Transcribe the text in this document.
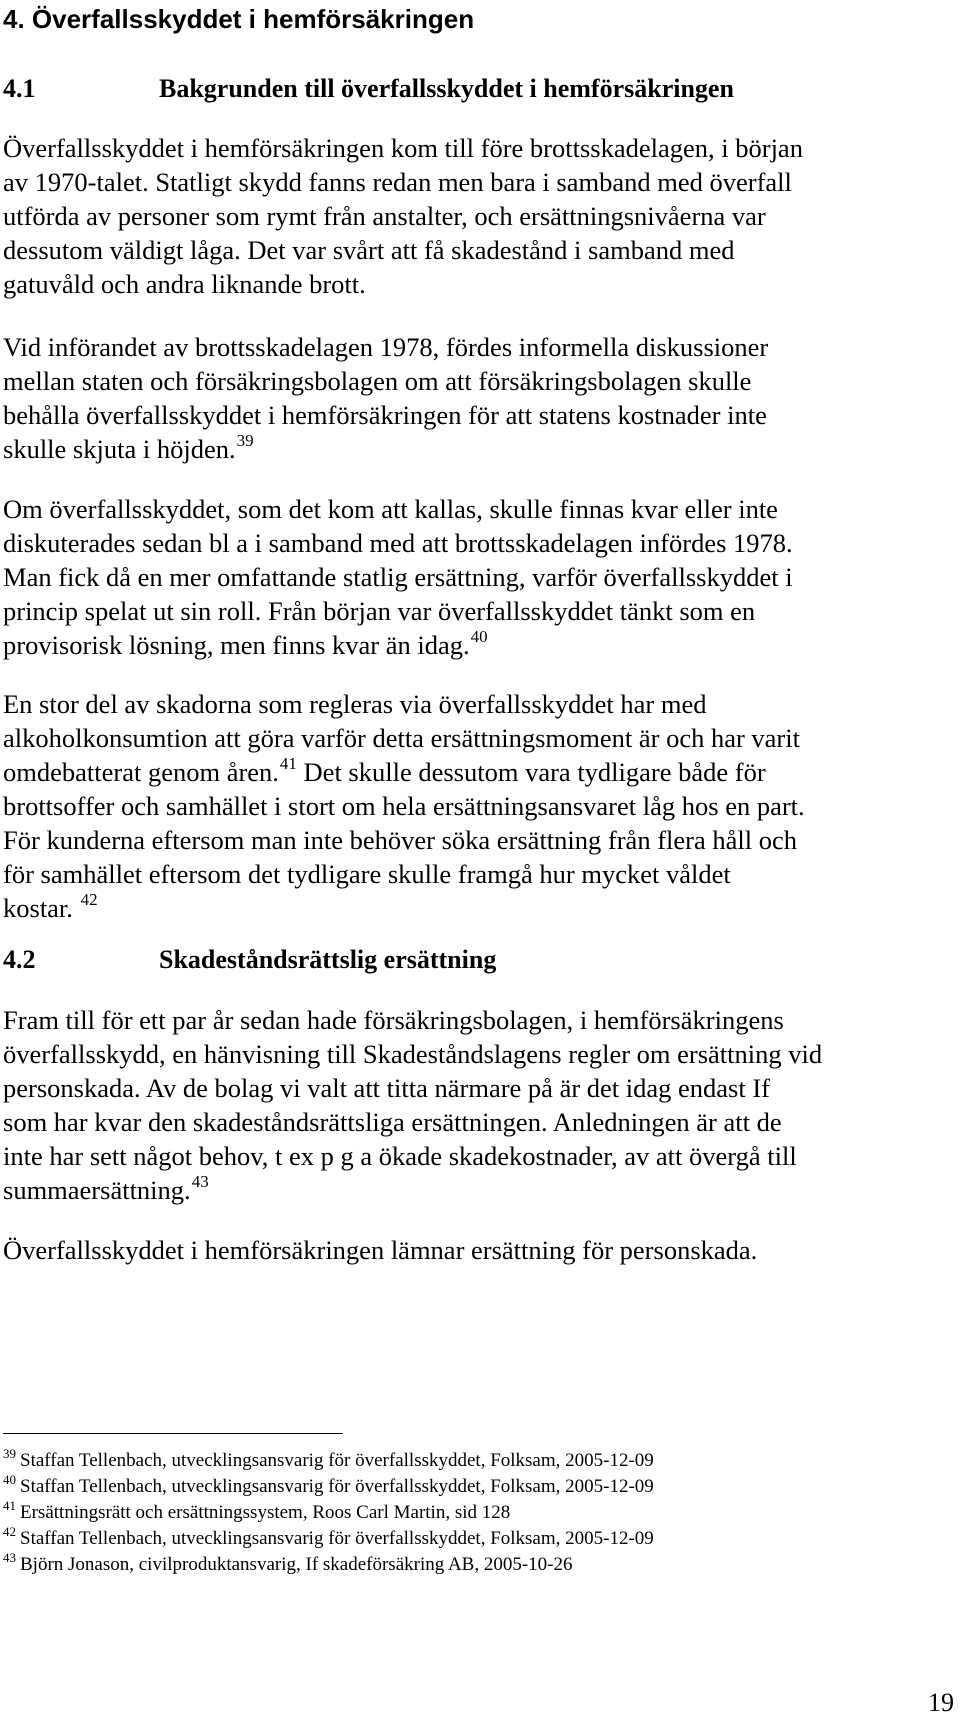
4. Överfallsskyddet i hemförsäkringen
4.1	Bakgrunden till överfallsskyddet i hemförsäkringen
Överfallsskyddet i hemförsäkringen kom till före brottsskadelagen, i början
av 1970-talet. Statligt skydd fanns redan men bara i samband med överfall
utförda av personer som rymt från anstalter, och ersättningsnivåerna var
dessutom väldigt låga. Det var svårt att få skadestånd i samband med
gatuvåld och andra liknande brott.
Vid införandet av brottsskadelagen 1978, fördes informella diskussioner
mellan staten och försäkringsbolagen om att försäkringsbolagen skulle
behålla överfallsskyddet i hemförsäkringen för att statens kostnader inte
skulle skjuta i höjden.$^{39}$
Om överfallsskyddet, som det kom att kallas, skulle finnas kvar eller inte
diskuterades sedan bl a i samband med att brottsskadelagen infördes 1978.
Man fick då en mer omfattande statlig ersättning, varför överfallsskyddet i
princip spelat ut sin roll. Från början var överfallsskyddet tänkt som en
provisorisk lösning, men finns kvar än idag.$^{40}$
En stor del av skadorna som regleras via överfallsskyddet har med
alkoholkonsumtion att göra varför detta ersättningsmoment är och har varit
omdebatterat genom åren.$^{41}$ Det skulle dessutom vara tydligare både för
brottsoffer och samhället i stort om hela ersättningsansvaret låg hos en part.
För kunderna eftersom man inte behöver söka ersättning från flera håll och
för samhället eftersom det tydligare skulle framgå hur mycket våldet
kostar. $^{42}$
4.2	Skadeståndsrättslig ersättning
Fram till för ett par år sedan hade försäkringsbolagen, i hemförsäkringens
överfallsskydd, en hänvisning till Skadeståndslagens regler om ersättning vid
personskada. Av de bolag vi valt att titta närmare på är det idag endast If
som har kvar den skadeståndsrättsliga ersättningen. Anledningen är att de
inte har sett något behov, t ex p g a ökade skadekostnader, av att övergå till
summaersättning.$^{43}$
Överfallsskyddet i hemförsäkringen lämnar ersättning för personskada.
$^{39}$ Staffan Tellenbach, utvecklingsansvarig för överfallsskyddet, Folksam, 2005-12-09
$^{40}$ Staffan Tellenbach, utvecklingsansvarig för överfallsskyddet, Folksam, 2005-12-09
$^{41}$ Ersättningsrätt och ersättningssystem, Roos Carl Martin, sid 128
$^{42}$ Staffan Tellenbach, utvecklingsansvarig för överfallsskyddet, Folksam, 2005-12-09
$^{43}$ Björn Jonason, civilproduktansvarig, If skadeförsäkring AB, 2005-10-26
19
